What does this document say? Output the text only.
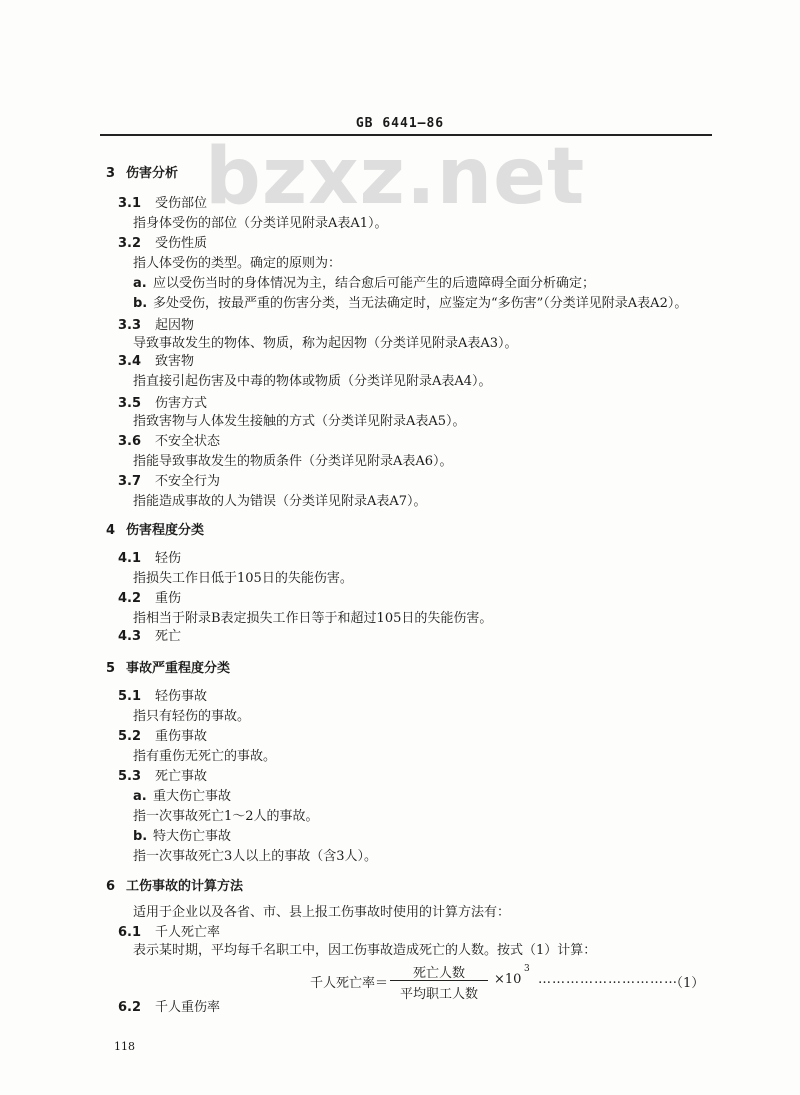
bzxz.net
GB 6441—86
3 伤害分析
3.1 受伤部位
指身体受伤的部位（分类详见附录A表A1）。
3.2 受伤性质
指人体受伤的类型。确定的原则为：
a. 应以受伤当时的身体情况为主，结合愈后可能产生的后遗障碍全面分析确定；
b. 多处受伤，按最严重的伤害分类，当无法确定时，应鉴定为“多伤害”（分类详见附录A表A2）。
3.3 起因物
导致事故发生的物体、物质，称为起因物（分类详见附录A表A3）。
3.4 致害物
指直接引起伤害及中毒的物体或物质（分类详见附录A表A4）。
3.5 伤害方式
指致害物与人体发生接触的方式（分类详见附录A表A5）。
3.6 不安全状态
指能导致事故发生的物质条件（分类详见附录A表A6）。
3.7 不安全行为
指能造成事故的人为错误（分类详见附录A表A7）。
4 伤害程度分类
4.1 轻伤
指损失工作日低于105日的失能伤害。
4.2 重伤
指相当于附录B表定损失工作日等于和超过105日的失能伤害。
4.3 死亡
5 事故严重程度分类
5.1 轻伤事故
指只有轻伤的事故。
5.2 重伤事故
指有重伤无死亡的事故。
5.3 死亡事故
a. 重大伤亡事故
指一次事故死亡1～2人的事故。
b. 特大伤亡事故
指一次事故死亡3人以上的事故（含3人）。
6 工伤事故的计算方法
适用于企业以及各省、市、县上报工伤事故时使用的计算方法有：
6.1 千人死亡率
表示某时期，平均每千名职工中，因工伤事故造成死亡的人数。按式（1）计算：
6.2 千人重伤率
千人死亡率＝
死亡人数
平均职工人数
×10
3
…………………………
（1）
118
